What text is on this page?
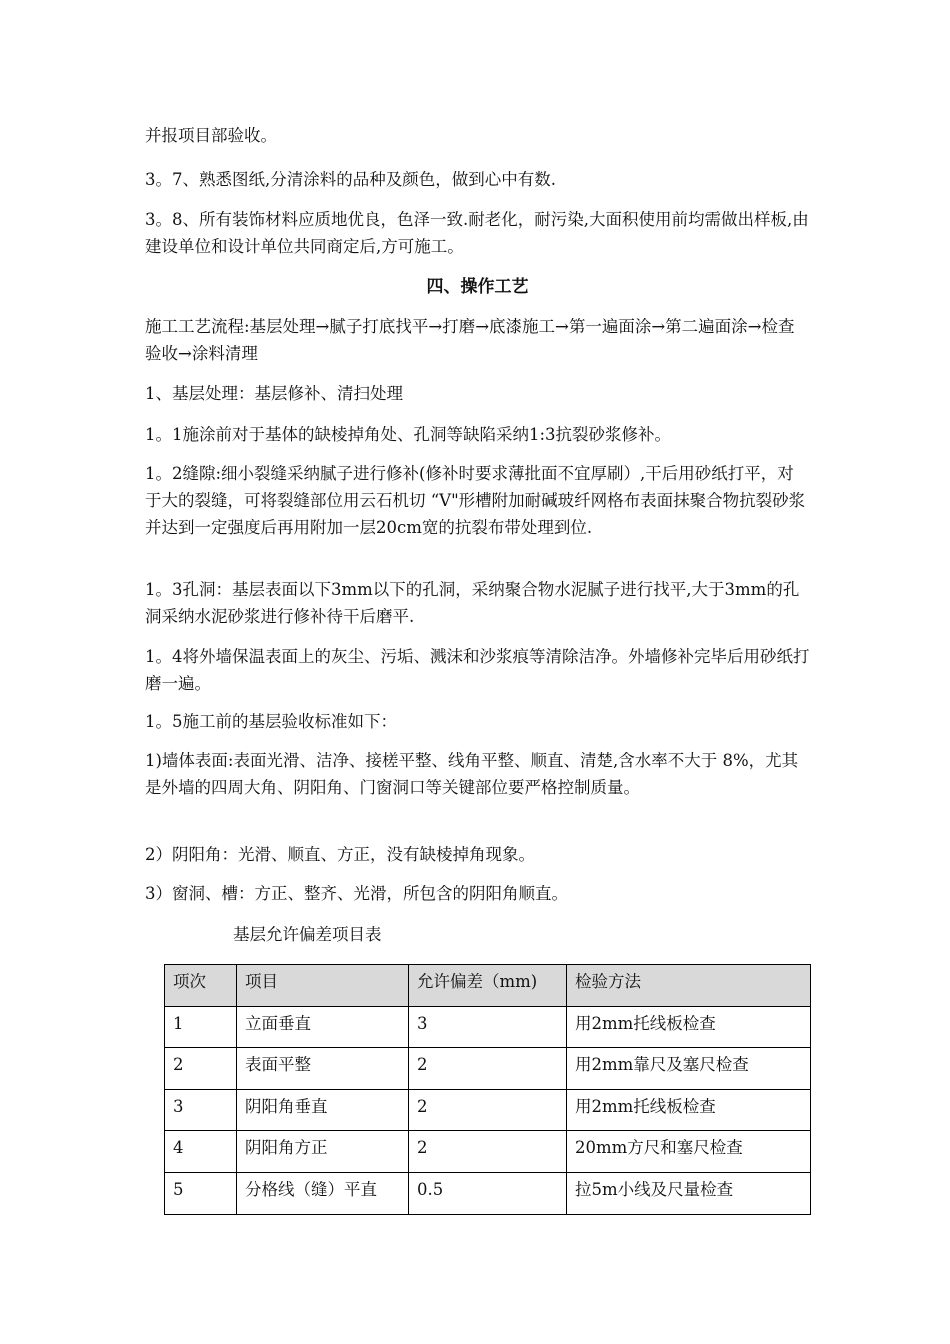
并报项目部验收。

3。7、熟悉图纸,分清涂料的品种及颜色，做到心中有数.

3。8、所有装饰材料应质地优良，色泽一致.耐老化，耐污染,大面积使用前均需做出样板,由建设单位和设计单位共同商定后,方可施工。

四、操作工艺

施工工艺流程:基层处理→腻子打底找平→打磨→底漆施工→第一遍面涂→第二遍面涂→检查验收→涂料清理

1、基层处理：基层修补、清扫处理

1。1施涂前对于基体的缺棱掉角处、孔洞等缺陷采纳1:3抗裂砂浆修补。

1。2缝隙:细小裂缝采纳腻子进行修补(修补时要求薄批面不宜厚刷）,干后用砂纸打平，对于大的裂缝，可将裂缝部位用云石机切 “V"形槽附加耐碱玻纤网格布表面抹聚合物抗裂砂浆并达到一定强度后再用附加一层20cm宽的抗裂布带处理到位.

1。3孔洞：基层表面以下3mm以下的孔洞，采纳聚合物水泥腻子进行找平,大于3mm的孔洞采纳水泥砂浆进行修补待干后磨平.

1。4将外墙保温表面上的灰尘、污垢、溅沫和沙浆痕等清除洁净。外墙修补完毕后用砂纸打磨一遍。

1。5施工前的基层验收标准如下：

1)墙体表面:表面光滑、洁净、接槎平整、线角平整、顺直、清楚,含水率不大于 8%，尤其是外墙的四周大角、阴阳角、门窗洞口等关键部位要严格控制质量。

2）阴阳角：光滑、顺直、方正，没有缺棱掉角现象。

3）窗洞、槽：方正、整齐、光滑，所包含的阴阳角顺直。

基层允许偏差项目表

项次	项目	允许偏差（mm)	检验方法
1	立面垂直	3	用2mm托线板检查
2	表面平整	2	用2mm靠尺及塞尺检查
3	阴阳角垂直	2	用2mm托线板检查
4	阴阳角方正	2	20mm方尺和塞尺检查
5	分格线（缝）平直	0.5	拉5m小线及尺量检查
